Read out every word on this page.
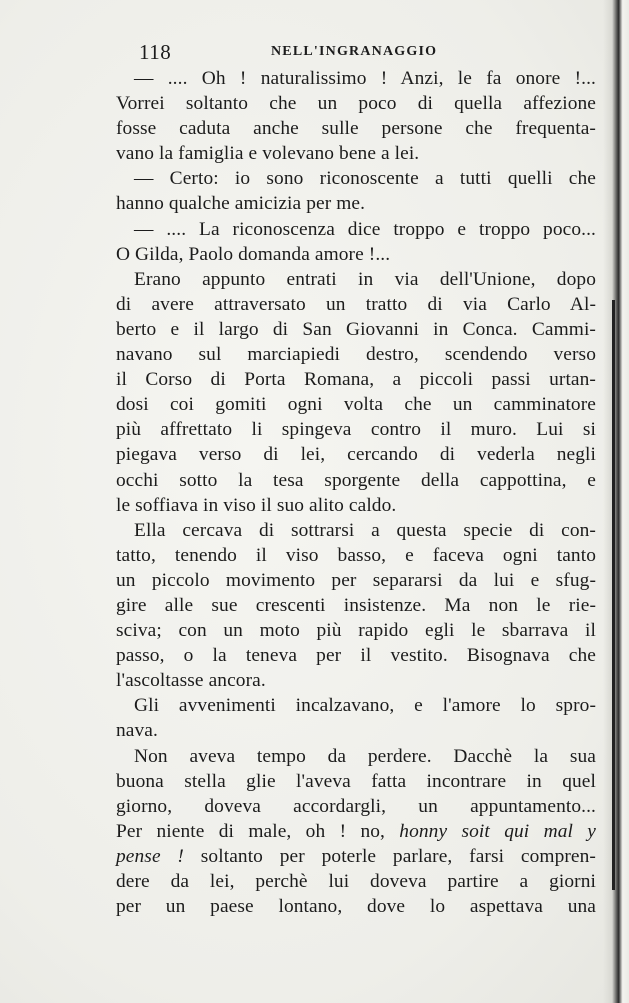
118	NELL'INGRANAGGIO
— .... Oh ! naturalissimo ! Anzi, le fa onore !...
Vorrei soltanto che un poco di quella affezione
fosse caduta anche sulle persone che frequenta-
vano la famiglia e volevano bene a lei.
— Certo: io sono riconoscente a tutti quelli che
hanno qualche amicizia per me.
— .... La riconoscenza dice troppo e troppo poco...
O Gilda, Paolo domanda amore !...
Erano appunto entrati in via dell'Unione, dopo
di avere attraversato un tratto di via Carlo Al-
berto e il largo di San Giovanni in Conca. Cammi-
navano sul marciapiedi destro, scendendo verso
il Corso di Porta Romana, a piccoli passi urtan-
dosi coi gomiti ogni volta che un camminatore
più affrettato li spingeva contro il muro. Lui si
piegava verso di lei, cercando di vederla negli
occhi sotto la tesa sporgente della cappottina, e
le soffiava in viso il suo alito caldo.
Ella cercava di sottrarsi a questa specie di con-
tatto, tenendo il viso basso, e faceva ogni tanto
un piccolo movimento per separarsi da lui e sfug-
gire alle sue crescenti insistenze. Ma non le rie-
sciva; con un moto più rapido egli le sbarrava il
passo, o la teneva per il vestito. Bisognava che
l'ascoltasse ancora.
Gli avvenimenti incalzavano, e l'amore lo spro-
nava.
Non aveva tempo da perdere. Dacchè la sua
buona stella glie l'aveva fatta incontrare in quel
giorno, doveva accordargli, un appuntamento...
Per niente di male, oh ! no, honny soit qui mal y
pense ! soltanto per poterle parlare, farsi compren-
dere da lei, perchè lui doveva partire a giorni
per un paese lontano, dove lo aspettava una
